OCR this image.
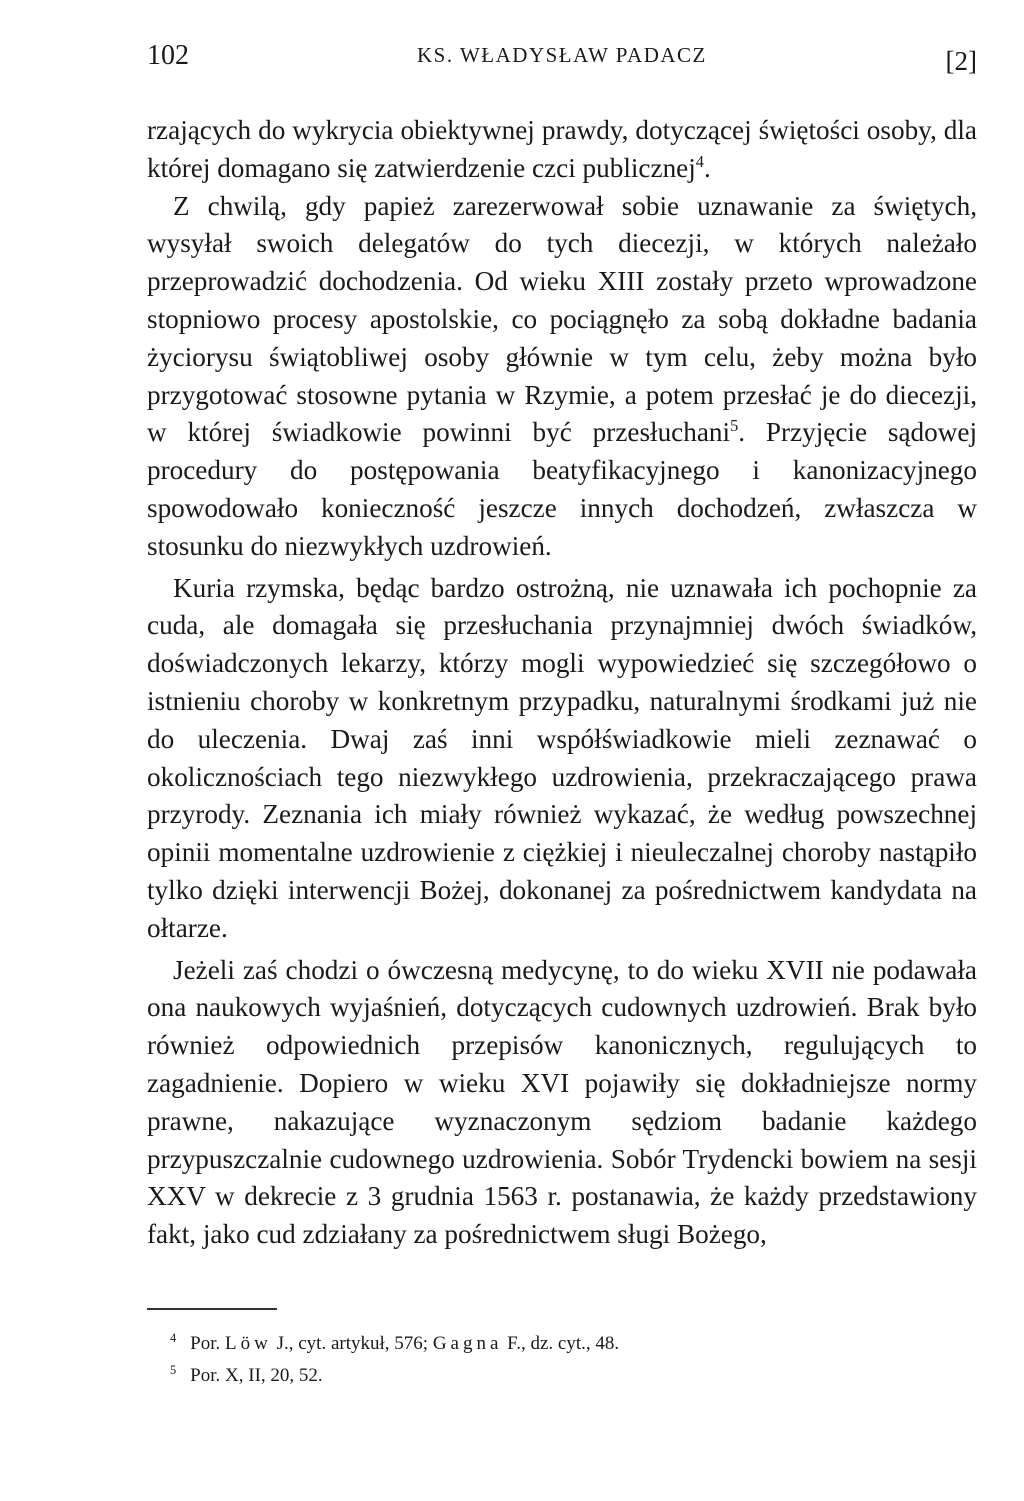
102	KS. WŁADYSŁAW PADACZ	[2]

rzających do wykrycia obiektywnej prawdy, dotyczącej świętości osoby, dla której domagano się zatwierdzenie czci publicznej$^4$.

Z chwilą, gdy papież zarezerwował sobie uznawanie za świętych, wysyłał swoich delegatów do tych diecezji, w których należało przeprowadzić dochodzenia. Od wieku XIII zostały przeto wprowadzone stopniowo procesy apostolskie, co pociągnęło za sobą dokładne badania życiorysu świątobliwej osoby głównie w tym celu, żeby można było przygotować stosowne pytania w Rzymie, a potem przesłać je do diecezji, w której świadkowie powinni być przesłuchani$^5$. Przyjęcie sądowej procedury do postępowania beatyfikacyjnego i kanonizacyjnego spowodowało konieczność jeszcze innych dochodzeń, zwłaszcza w stosunku do niezwykłych uzdrowień.

Kuria rzymska, będąc bardzo ostrożną, nie uznawała ich pochopnie za cuda, ale domagała się przesłuchania przynajmniej dwóch świadków, doświadczonych lekarzy, którzy mogli wypowiedzieć się szczegółowo o istnieniu choroby w konkretnym przypadku, naturalnymi środkami już nie do uleczenia. Dwaj zaś inni współświadkowie mieli zeznawać o okolicznościach tego niezwykłego uzdrowienia, przekraczającego prawa przyrody. Zeznania ich miały również wykazać, że według powszechnej opinii momentalne uzdrowienie z ciężkiej i nieuleczalnej choroby nastąpiło tylko dzięki interwencji Bożej, dokonanej za pośrednictwem kandydata na ołtarze.

Jeżeli zaś chodzi o ówczesną medycynę, to do wieku XVII nie podawała ona naukowych wyjaśnień, dotyczących cudownych uzdrowień. Brak było również odpowiednich przepisów kanonicznych, regulujących to zagadnienie. Dopiero w wieku XVI pojawiły się dokładniejsze normy prawne, nakazujące wyznaczonym sędziom badanie każdego przypuszczalnie cudownego uzdrowienia. Sobór Trydencki bowiem na sesji XXV w dekrecie z 3 grudnia 1563 r. postanawia, że każdy przedstawiony fakt, jako cud zdziałany za pośrednictwem sługi Bożego,

$^4$ Por. Löw J., cyt. artykuł, 576; Gagna F., dz. cyt., 48.
$^5$ Por. X, II, 20, 52.
